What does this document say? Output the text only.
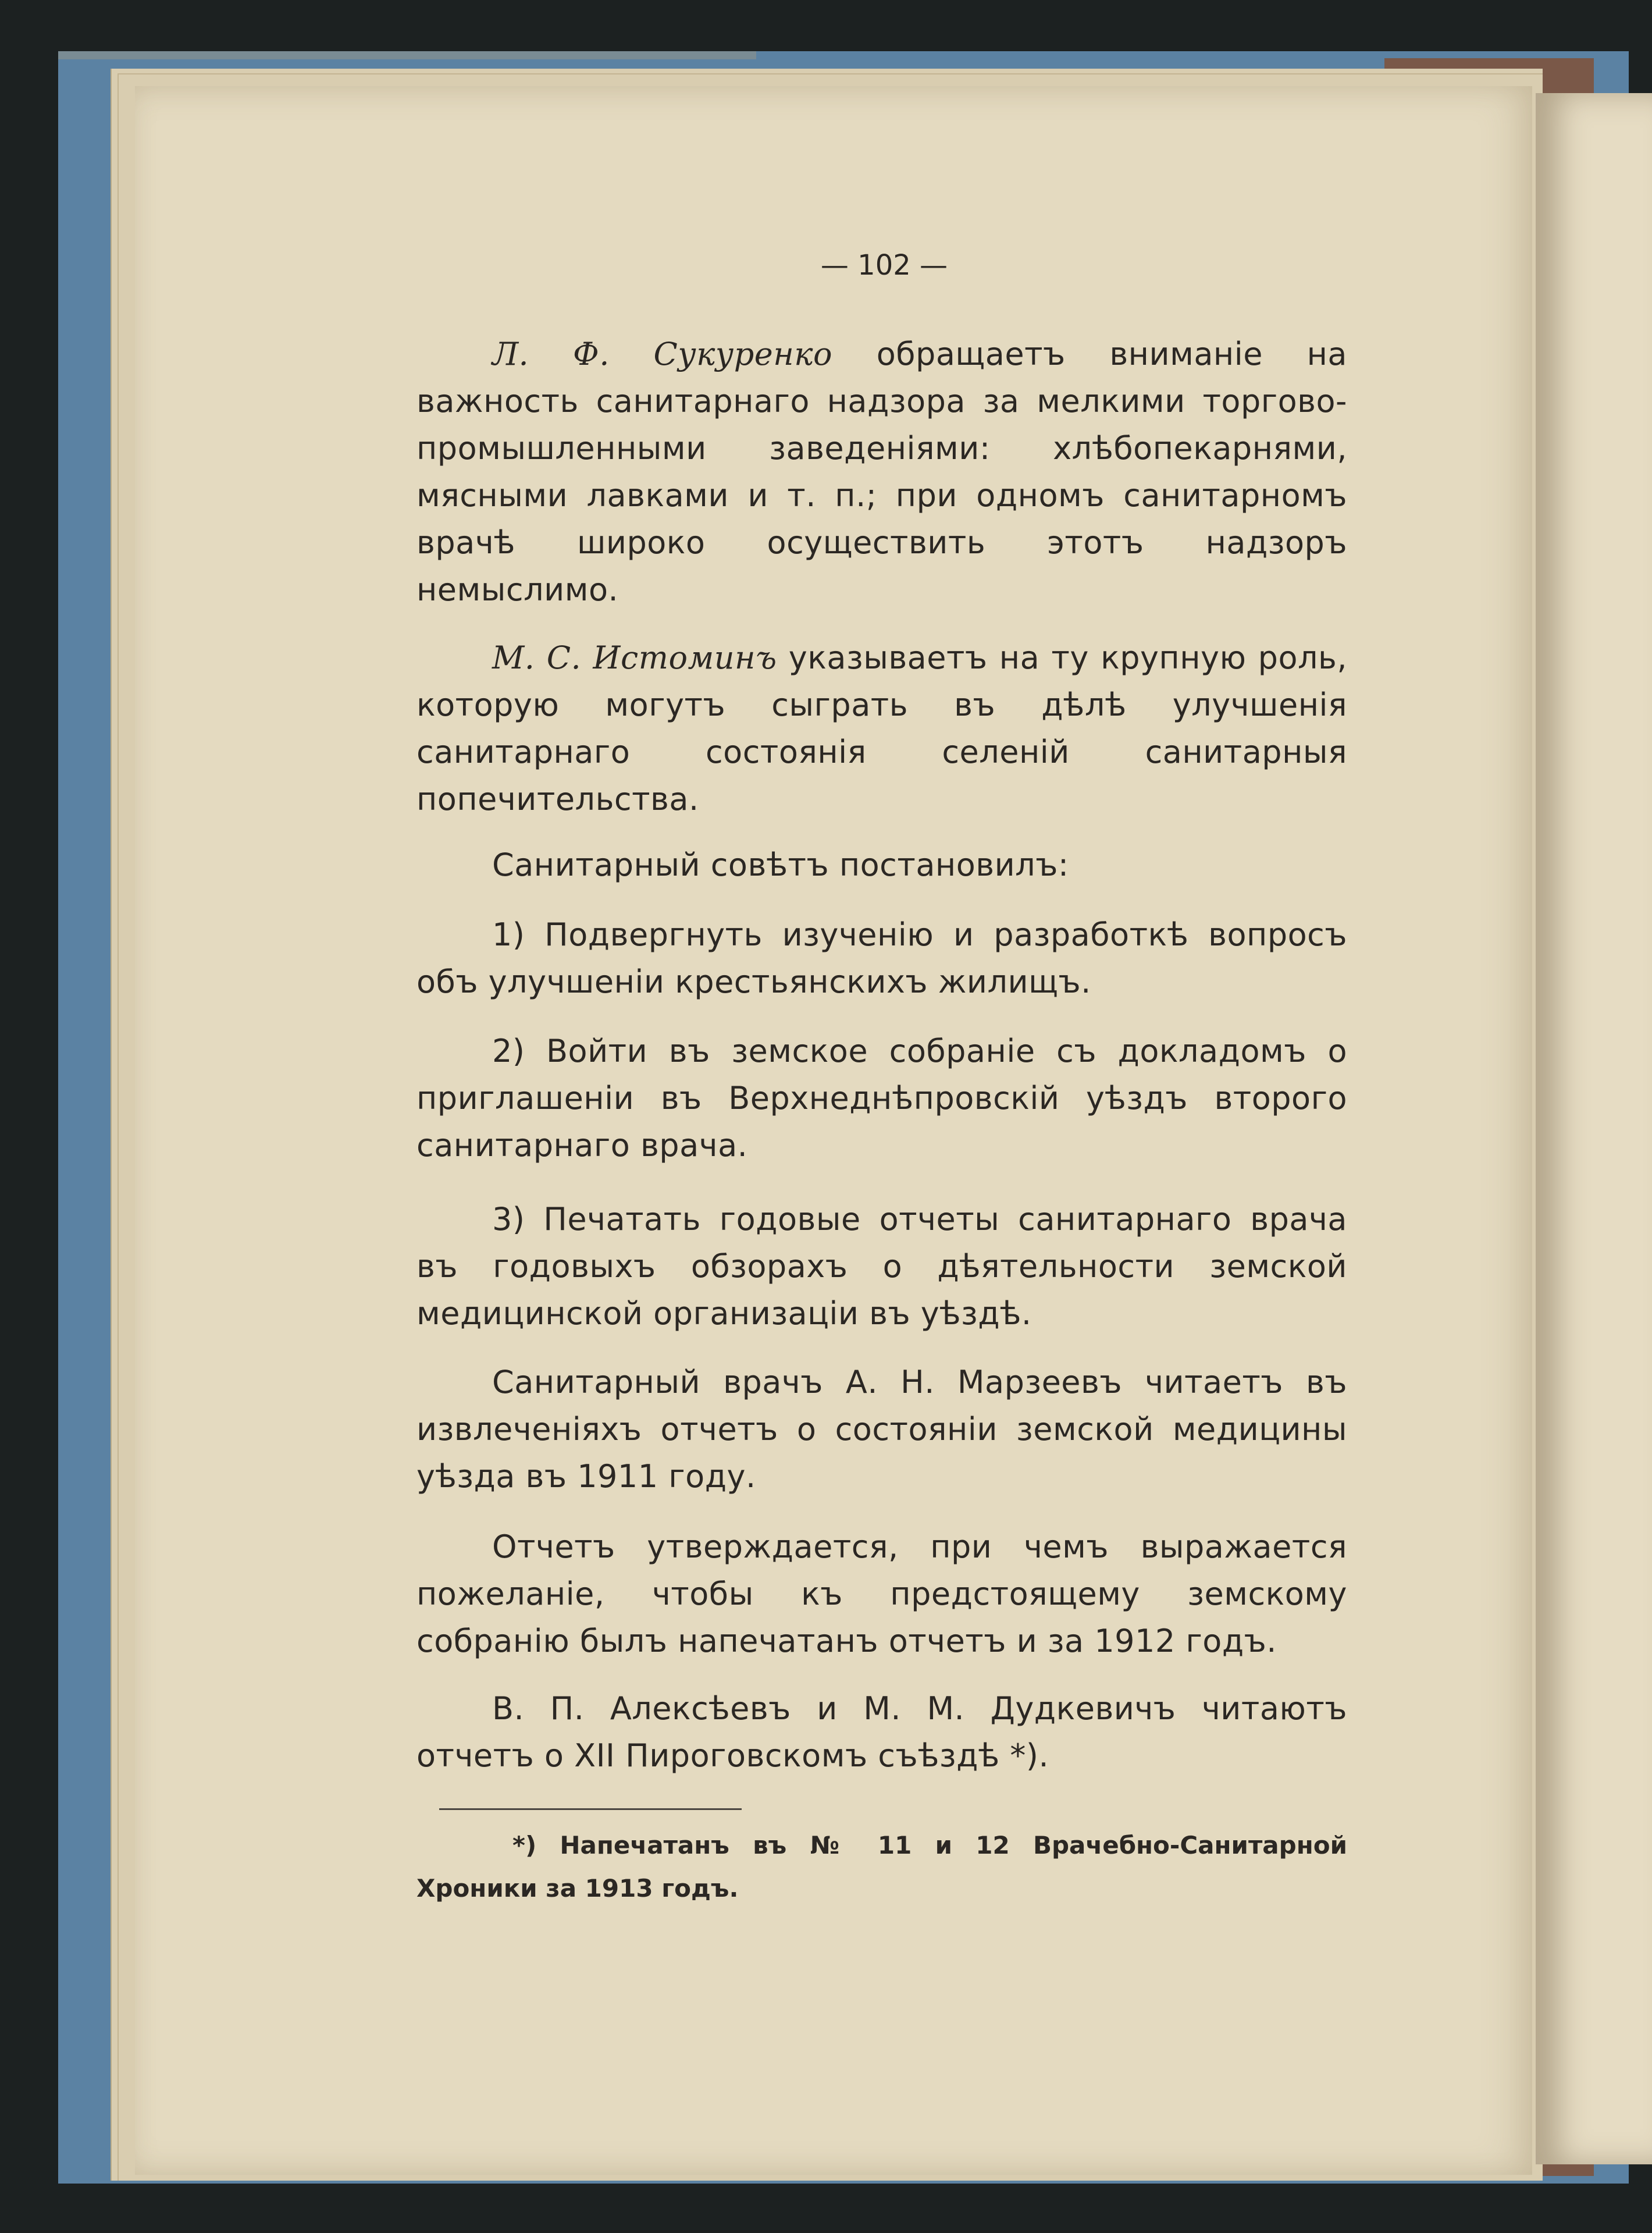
— 102 —
Л. Ф. Сукуренко обращаетъ вниманіе на важность санитарнаго надзора за мелкими торгово-промышленными заведеніями: хлѣбопекарнями, мясными лавками и т. п.; при одномъ санитарномъ врачѣ широко осуществить этотъ надзоръ немыслимо.
М. С. Истоминъ указываетъ на ту крупную роль, которую могутъ сыграть въ дѣлѣ улучшенія санитарнаго состоянія селеній санитарныя попечительства.
Санитарный совѣтъ постановилъ:
1) Подвергнуть изученію и разработкѣ вопросъ объ улучшеніи крестьянскихъ жилищъ.
2) Войти въ земское собраніе съ докладомъ о приглашеніи въ Верхнеднѣпровскій уѣздъ второго санитарнаго врача.
3) Печатать годовые отчеты санитарнаго врача въ годовыхъ обзорахъ о дѣятельности земской медицинской организаціи въ уѣздѣ.
Санитарный врачъ А. Н. Марзеевъ читаетъ въ извлеченіяхъ отчетъ о состояніи земской медицины уѣзда въ 1911 году.
Отчетъ утверждается, при чемъ выражается пожеланіе, чтобы къ предстоящему земскому собранію былъ напечатанъ отчетъ и за 1912 годъ.
В. П. Алексѣевъ и М. М. Дудкевичъ читаютъ отчетъ о XII Пироговскомъ съѣздѣ *).
*) Напечатанъ въ № 11 и 12 Врачебно-Санитарной Хроники за 1913 годъ.
